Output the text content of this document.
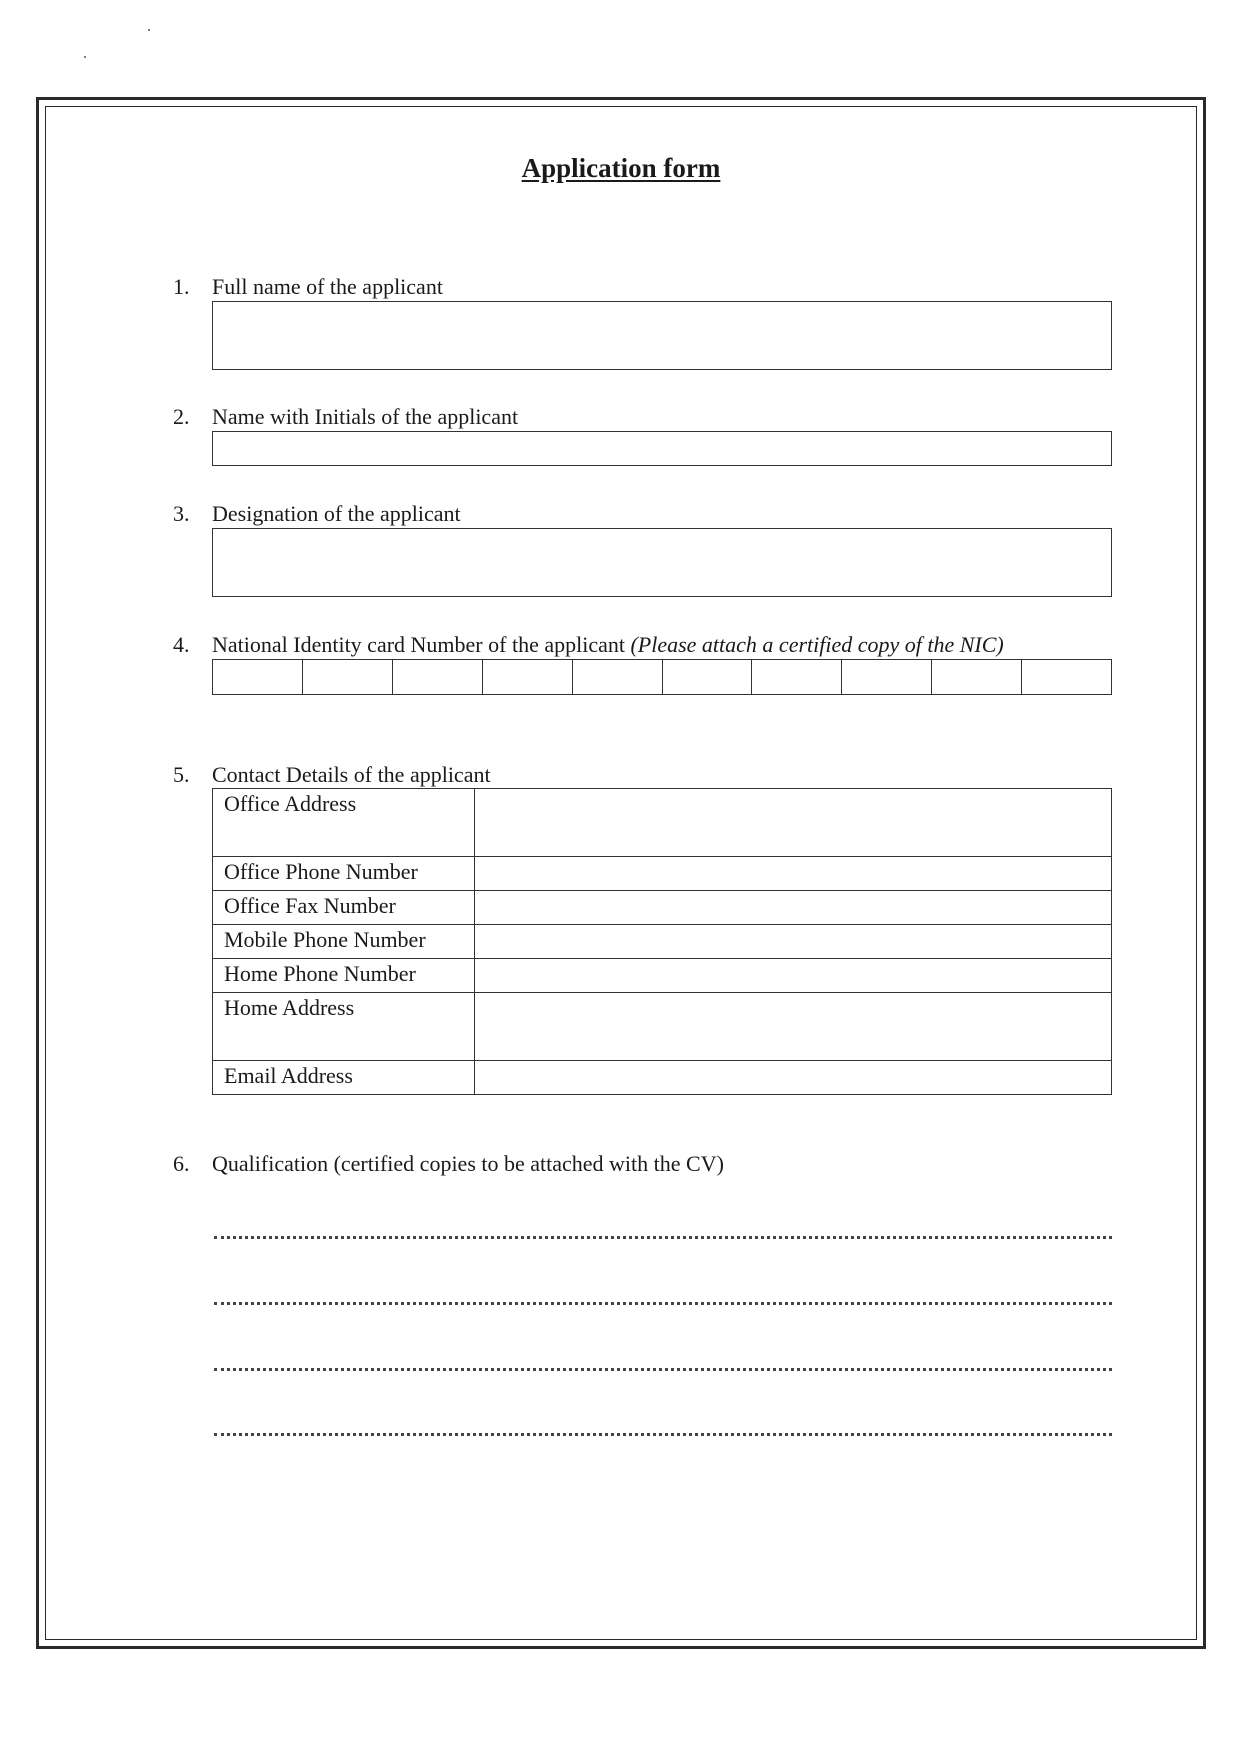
Application form
1. Full name of the applicant
2. Name with Initials of the applicant
3. Designation of the applicant
4. National Identity card Number of the applicant (Please attach a certified copy of the NIC)
5. Contact Details of the applicant
Office Address	
Office Phone Number	
Office Fax Number	
Mobile Phone Number	
Home Phone Number	
Home Address	
Email Address	
6. Qualification (certified copies to be attached with the CV)
